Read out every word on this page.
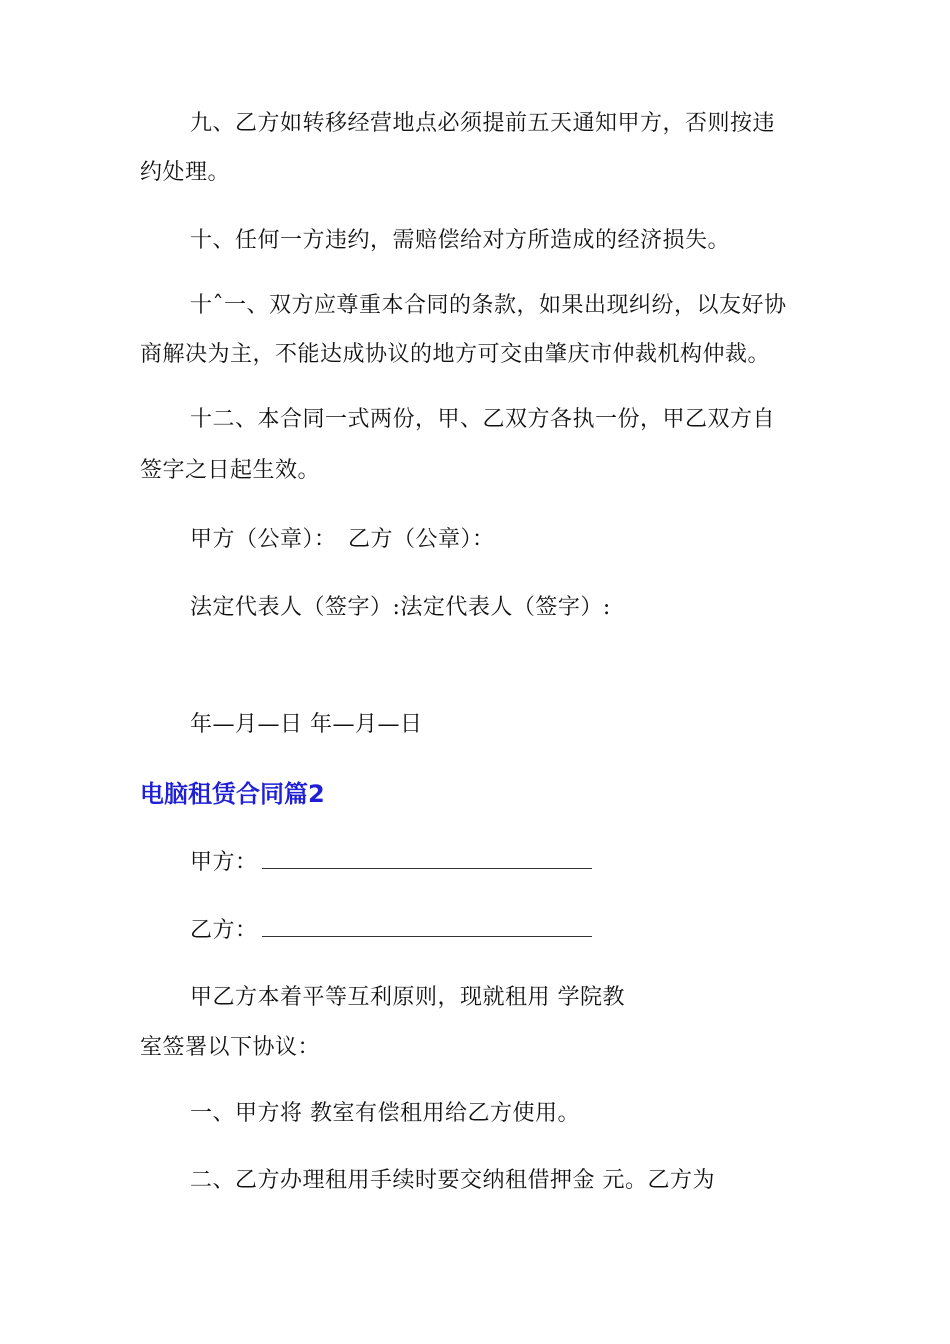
九、乙方如转移经营地点必须提前五天通知甲方，否则按违
约处理。
十、任何一方违约，需赔偿给对方所造成的经济损失。
十ˆ一、双方应尊重本合同的条款，如果出现纠纷，以友好协
商解决为主，不能达成协议的地方可交由肇庆市仲裁机构仲裁。
十二、本合同一式两份，甲、乙双方各执一份，甲乙双方自
签字之日起生效。
甲方（公章）：　乙方（公章）：
法定代表人（签字）:法定代表人（签字）:
年—月—日 年—月—日
电脑租赁合同篇2
甲方：
乙方：
甲乙方本着平等互利原则，现就租用 学院教
室签署以下协议：
一、甲方将 教室有偿租用给乙方使用。
二、乙方办理租用手续时要交纳租借押金 元。乙方为
